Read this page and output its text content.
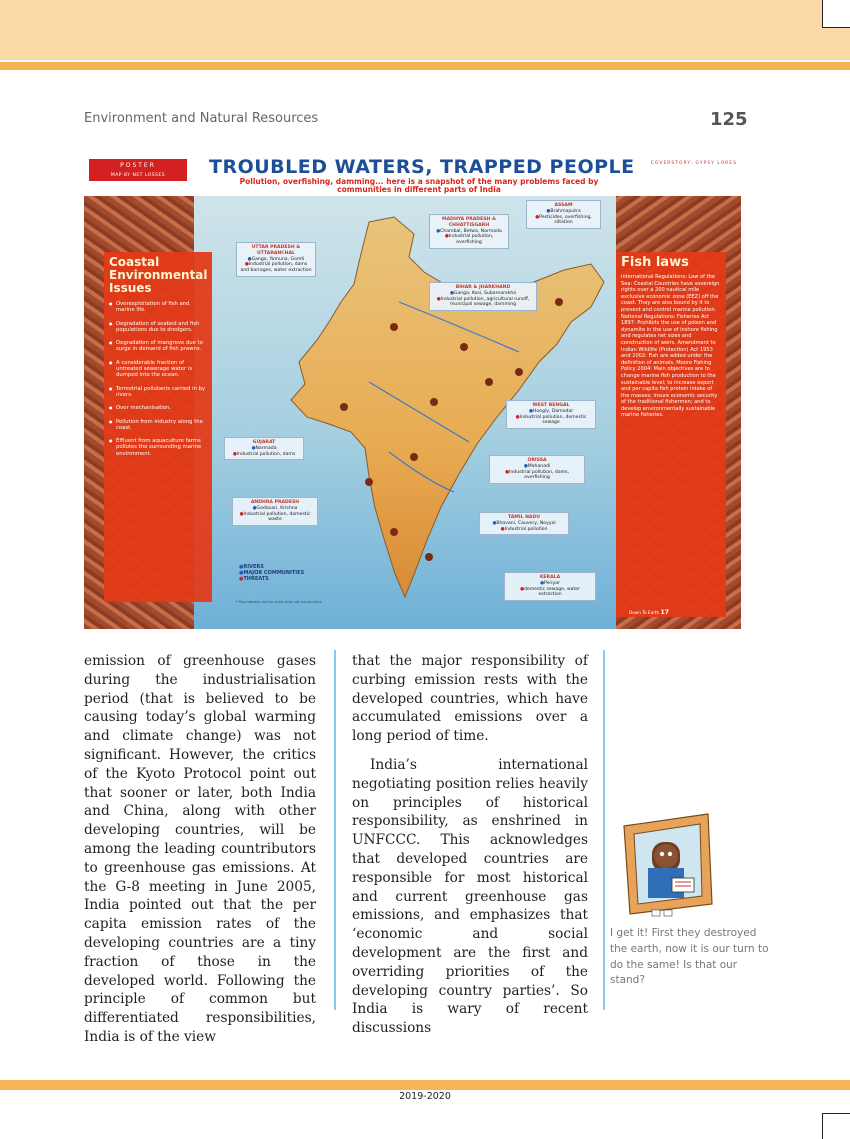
Environment and Natural Resources	125
POSTER
MAP BY NET LOSSES	TROUBLED WATERS, TRAPPED PEOPLE
Pollution, overfishing, damming... here is a snapshot of the many problems faced by communities in different parts of India
COVERSTORY: GYPSY LORES
Coastal Environmental Issues
● Overexploitation of fish and marine life.
● Degradation of seabed and fish populations due to dredgers.
● Degradation of mangrove due to surge in demand of fish prawns.
● A considerable fraction of untreated sewerage water is dumped into the ocean.
● Terrestrial pollutants carried in by rivers.
● Over mechanisation.
● Pollution from industry along the coast.
● Effluent from aquaculture farms pollutes the surrounding marine environment.
Fish laws
International Regulations: Law of the Sea: Coastal Countries have sovereign rights over a 200 nautical mile exclusive economic zone (EEZ) off the coast. They are also bound by it to prevent and control marine pollution. National Regulations: Fisheries Act 1897: Prohibits the use of poison and dynamite in the use of inshore fishing and regulates net sizes and construction of weirs. Amendment to Indian Wildlife (Protection) Act 1953 and 2002: Fish are added under the definition of animals. Moore Fishing Policy 2004: Main objectives are to change marine fish production to the sustainable level; to increase export and per capita fish protein intake of the masses; insure economic security of the traditional fishermen; and to develop environmentally sustainable marine fisheries.
UTTAR PRADESH & UTTARANCHAL
● Ganga, Yamuna, Gomti
● Industrial pollution, dams and barrages, water extraction
MADHYA PRADESH & CHHATTISGARH
● Chambal, Betwa, Narmada
● Industrial pollution, overfishing
ASSAM
● Brahmaputra
● Pesticides, overfishing, siltation
BIHAR & JHARKHAND
● Ganga, Kosi, Subarnarekha
● Industrial pollution, agricultural runoff, municipal sewage, damming
WEST BENGAL
● Hoogly, Damodar
● Industrial pollution, domestic sewage
GUJARAT
● Narmada
● Industrial pollution, dams
ORISSA
● Mahanadi
● Industrial pollution, dams, overfishing
ANDHRA PRADESH
● Godavari, Krishna
● Industrial pollution, domestic waste	TAMIL NADU
● Bhavani, Cauvery, Noyyal
● Industrial pollution
KERALA
● Periyar
● domestic sewage, water extraction
● RIVERS
● MAJOR COMMUNITIES
● THREATS
* Boundaries not to scale and not exhaustive
Down To Earth 17

emission of greenhouse gases during the industrialisation period (that is believed to be causing today’s global warming and climate change) was not significant. However, the critics of the Kyoto Protocol point out that sooner or later, both India and China, along with other developing countries, will be among the leading countributors to greenhouse gas emissions. At the G-8 meeting in June 2005, India pointed out that the per capita emission rates of the developing countries are a tiny fraction of those in the developed world. Following the principle of common but differentiated responsibilities, India is of the view

that the major responsibility of curbing emission rests with the developed countries, which have accumulated emissions over a long period of time.

India’s international negotiating position relies heavily on principles of historical responsibility, as enshrined in UNFCCC. This acknowledges that developed countries are responsible for most historical and current greenhouse gas emissions, and emphasizes that ‘economic and social development are the first and overriding priorities of the developing country parties’. So India is wary of recent discussions

I get it! First they destroyed the earth, now it is our turn to do the same! Is that our stand?
2019-2020
